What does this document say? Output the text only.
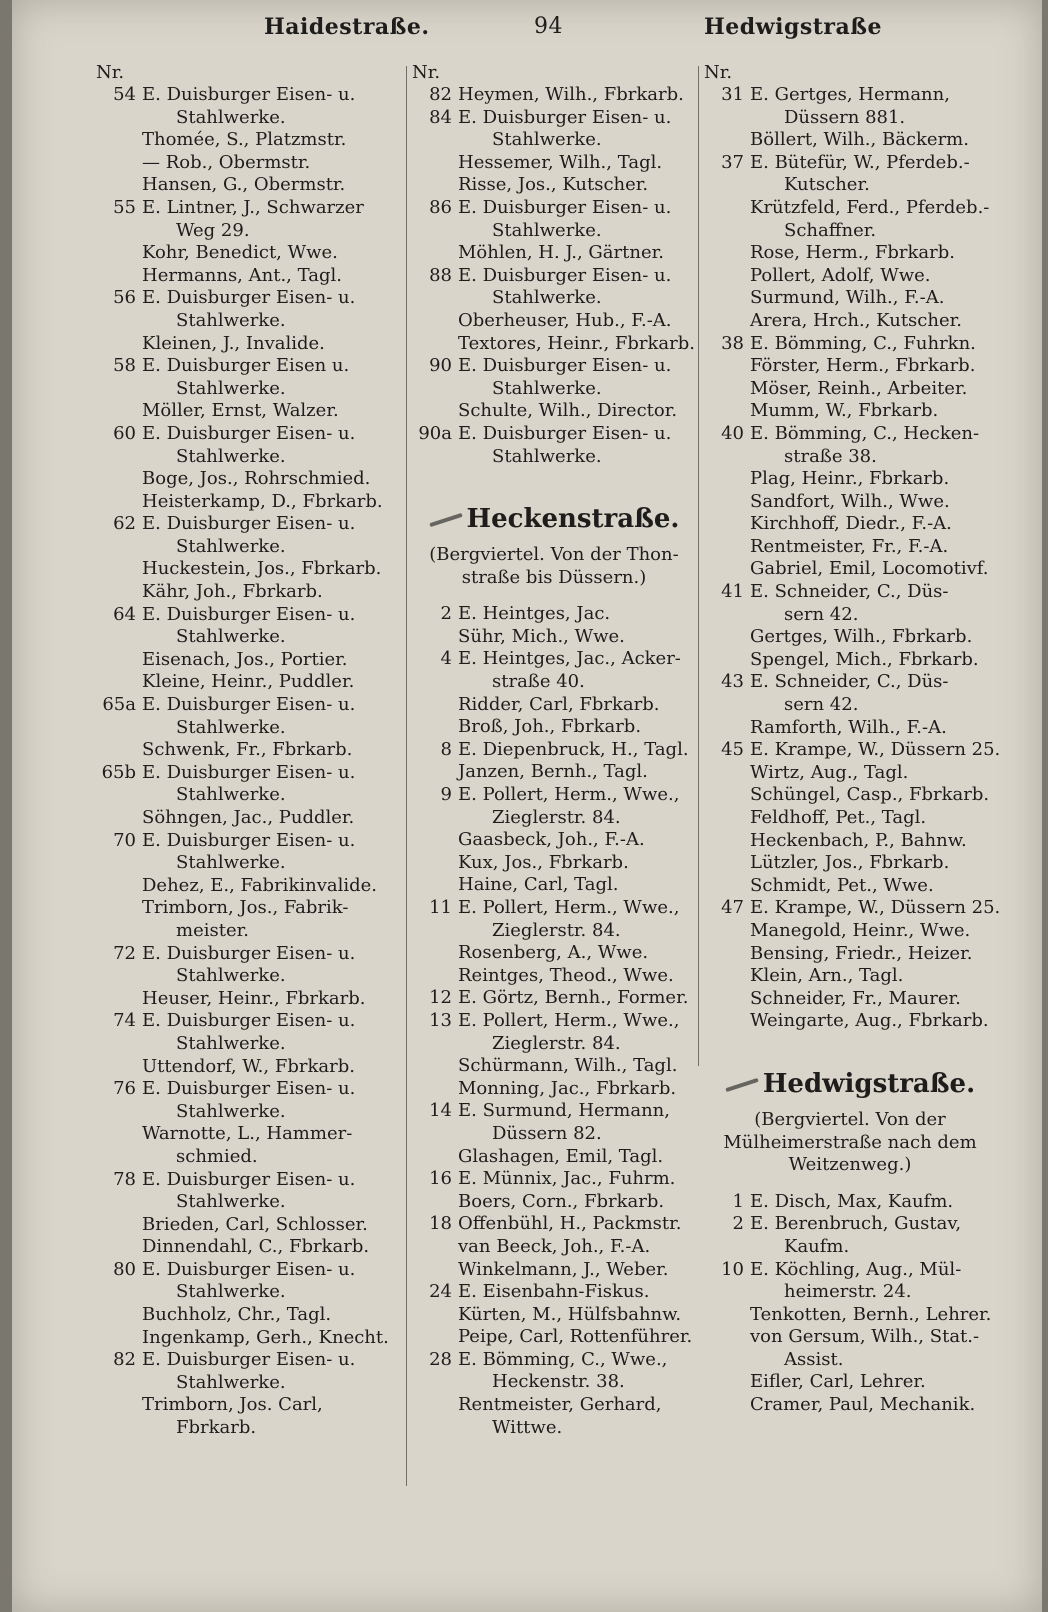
Haidestraße.	94	Hedwigstraße
Nr.
54 E. Duisburger Eisen- u.
Stahlwerke.
Thomée, S., Platzmstr.
— Rob., Obermstr.
Hansen, G., Obermstr.
55 E. Lintner, J., Schwarzer
Weg 29.
Kohr, Benedict, Wwe.
Hermanns, Ant., Tagl.
56 E. Duisburger Eisen- u.
Stahlwerke.
Kleinen, J., Invalide.
58 E. Duisburger Eisen u.
Stahlwerke.
Möller, Ernst, Walzer.
60 E. Duisburger Eisen- u.
Stahlwerke.
Boge, Jos., Rohrschmied.
Heisterkamp, D., Fbrkarb.
62 E. Duisburger Eisen- u.
Stahlwerke.
Huckestein, Jos., Fbrkarb.
Kähr, Joh., Fbrkarb.
64 E. Duisburger Eisen- u.
Stahlwerke.
Eisenach, Jos., Portier.
Kleine, Heinr., Puddler.
65a E. Duisburger Eisen- u.
Stahlwerke.
Schwenk, Fr., Fbrkarb.
65b E. Duisburger Eisen- u.
Stahlwerke.
Söhngen, Jac., Puddler.
70 E. Duisburger Eisen- u.
Stahlwerke.
Dehez, E., Fabrikinvalide.
Trimborn, Jos., Fabrik-
meister.
72 E. Duisburger Eisen- u.
Stahlwerke.
Heuser, Heinr., Fbrkarb.
74 E. Duisburger Eisen- u.
Stahlwerke.
Uttendorf, W., Fbrkarb.
76 E. Duisburger Eisen- u.
Stahlwerke.
Warnotte, L., Hammer-
schmied.
78 E. Duisburger Eisen- u.
Stahlwerke.
Brieden, Carl, Schlosser.
Dinnendahl, C., Fbrkarb.
80 E. Duisburger Eisen- u.
Stahlwerke.
Buchholz, Chr., Tagl.
Ingenkamp, Gerh., Knecht.
82 E. Duisburger Eisen- u.
Stahlwerke.
Trimborn, Jos. Carl,
Fbrkarb.
Nr.
82 Heymen, Wilh., Fbrkarb.
84 E. Duisburger Eisen- u.
Stahlwerke.
Hessemer, Wilh., Tagl.
Risse, Jos., Kutscher.
86 E. Duisburger Eisen- u.
Stahlwerke.
Möhlen, H. J., Gärtner.
88 E. Duisburger Eisen- u.
Stahlwerke.
Oberheuser, Hub., F.-A.
Textores, Heinr., Fbrkarb.
90 E. Duisburger Eisen- u.
Stahlwerke.
Schulte, Wilh., Director.
90a E. Duisburger Eisen- u.
Stahlwerke.
Heckenstraße.
(Bergviertel. Von der Thon-straße bis Düssern.)
2 E. Heintges, Jac.
Sühr, Mich., Wwe.
4 E. Heintges, Jac., Acker-
straße 40.
Ridder, Carl, Fbrkarb.
Broß, Joh., Fbrkarb.
8 E. Diepenbruck, H., Tagl.
Janzen, Bernh., Tagl.
9 E. Pollert, Herm., Wwe.,
Zieglerstr. 84.
Gaasbeck, Joh., F.-A.
Kux, Jos., Fbrkarb.
Haine, Carl, Tagl.
11 E. Pollert, Herm., Wwe.,
Zieglerstr. 84.
Rosenberg, A., Wwe.
Reintges, Theod., Wwe.
12 E. Görtz, Bernh., Former.
13 E. Pollert, Herm., Wwe.,
Zieglerstr. 84.
Schürmann, Wilh., Tagl.
Monning, Jac., Fbrkarb.
14 E. Surmund, Hermann,
Düssern 82.
Glashagen, Emil, Tagl.
16 E. Münnix, Jac., Fuhrm.
Boers, Corn., Fbrkarb.
18 Offenbühl, H., Packmstr.
van Beeck, Joh., F.-A.
Winkelmann, J., Weber.
24 E. Eisenbahn-Fiskus.
Kürten, M., Hülfsbahnw.
Peipe, Carl, Rottenführer.
28 E. Bömming, C., Wwe.,
Heckenstr. 38.
Rentmeister, Gerhard,
Wittwe.
Nr.
31 E. Gertges, Hermann,
Düssern 881.
Böllert, Wilh., Bäckerm.
37 E. Bütefür, W., Pferdeb.-
Kutscher.
Krützfeld, Ferd., Pferdeb.-
Schaffner.
Rose, Herm., Fbrkarb.
Pollert, Adolf, Wwe.
Surmund, Wilh., F.-A.
Arera, Hrch., Kutscher.
38 E. Bömming, C., Fuhrkn.
Förster, Herm., Fbrkarb.
Möser, Reinh., Arbeiter.
Mumm, W., Fbrkarb.
40 E. Bömming, C., Hecken-
straße 38.
Plag, Heinr., Fbrkarb.
Sandfort, Wilh., Wwe.
Kirchhoff, Diedr., F.-A.
Rentmeister, Fr., F.-A.
Gabriel, Emil, Locomotivf.
41 E. Schneider, C., Düs-
sern 42.
Gertges, Wilh., Fbrkarb.
Spengel, Mich., Fbrkarb.
43 E. Schneider, C., Düs-
sern 42.
Ramforth, Wilh., F.-A.
45 E. Krampe, W., Düssern 25.
Wirtz, Aug., Tagl.
Schüngel, Casp., Fbrkarb.
Feldhoff, Pet., Tagl.
Heckenbach, P., Bahnw.
Lützler, Jos., Fbrkarb.
Schmidt, Pet., Wwe.
47 E. Krampe, W., Düssern 25.
Manegold, Heinr., Wwe.
Bensing, Friedr., Heizer.
Klein, Arn., Tagl.
Schneider, Fr., Maurer.
Weingarte, Aug., Fbrkarb.
Hedwigstraße.
(Bergviertel. Von der Mülheimerstraße nach dem Weitzenweg.)
1 E. Disch, Max, Kaufm.
2 E. Berenbruch, Gustav,
Kaufm.
10 E. Köchling, Aug., Mül-
heimerstr. 24.
Tenkotten, Bernh., Lehrer.
von Gersum, Wilh., Stat.-
Assist.
Eifler, Carl, Lehrer.
Cramer, Paul, Mechanik.
